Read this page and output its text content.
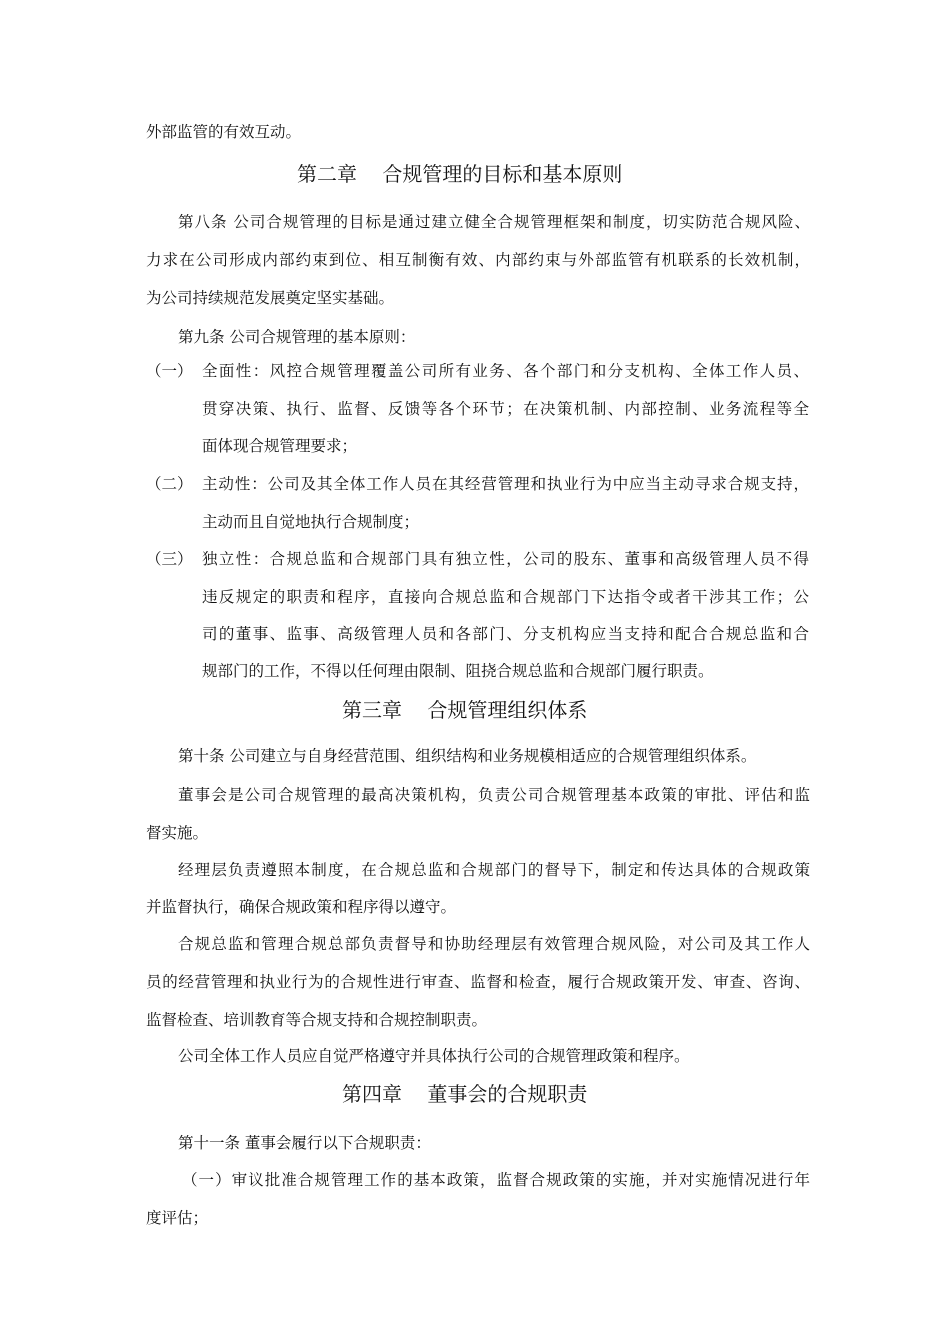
外部监管的有效互动。
第二章    合规管理的目标和基本原则
第八条 公司合规管理的目标是通过建立健全合规管理框架和制度，切实防范合规风险、
力求在公司形成内部约束到位、相互制衡有效、内部约束与外部监管有机联系的长效机制，
为公司持续规范发展奠定坚实基础。
第九条 公司合规管理的基本原则：
（一） 全面性：风控合规管理覆盖公司所有业务、各个部门和分支机构、全体工作人员、
贯穿决策、执行、监督、反馈等各个环节；在决策机制、内部控制、业务流程等全
面体现合规管理要求；
（二） 主动性：公司及其全体工作人员在其经营管理和执业行为中应当主动寻求合规支持，
主动而且自觉地执行合规制度；
（三） 独立性：合规总监和合规部门具有独立性，公司的股东、董事和高级管理人员不得
违反规定的职责和程序，直接向合规总监和合规部门下达指令或者干涉其工作；公
司的董事、监事、高级管理人员和各部门、分支机构应当支持和配合合规总监和合
规部门的工作，不得以任何理由限制、阻挠合规总监和合规部门履行职责。
第三章    合规管理组织体系
第十条 公司建立与自身经营范围、组织结构和业务规模相适应的合规管理组织体系。
董事会是公司合规管理的最高决策机构，负责公司合规管理基本政策的审批、评估和监
督实施。
经理层负责遵照本制度，在合规总监和合规部门的督导下，制定和传达具体的合规政策
并监督执行，确保合规政策和程序得以遵守。
合规总监和管理合规总部负责督导和协助经理层有效管理合规风险，对公司及其工作人
员的经营管理和执业行为的合规性进行审查、监督和检查，履行合规政策开发、审查、咨询、
监督检查、培训教育等合规支持和合规控制职责。
公司全体工作人员应自觉严格遵守并具体执行公司的合规管理政策和程序。
第四章    董事会的合规职责
第十一条 董事会履行以下合规职责：
（一）审议批准合规管理工作的基本政策，监督合规政策的实施，并对实施情况进行年
度评估；
